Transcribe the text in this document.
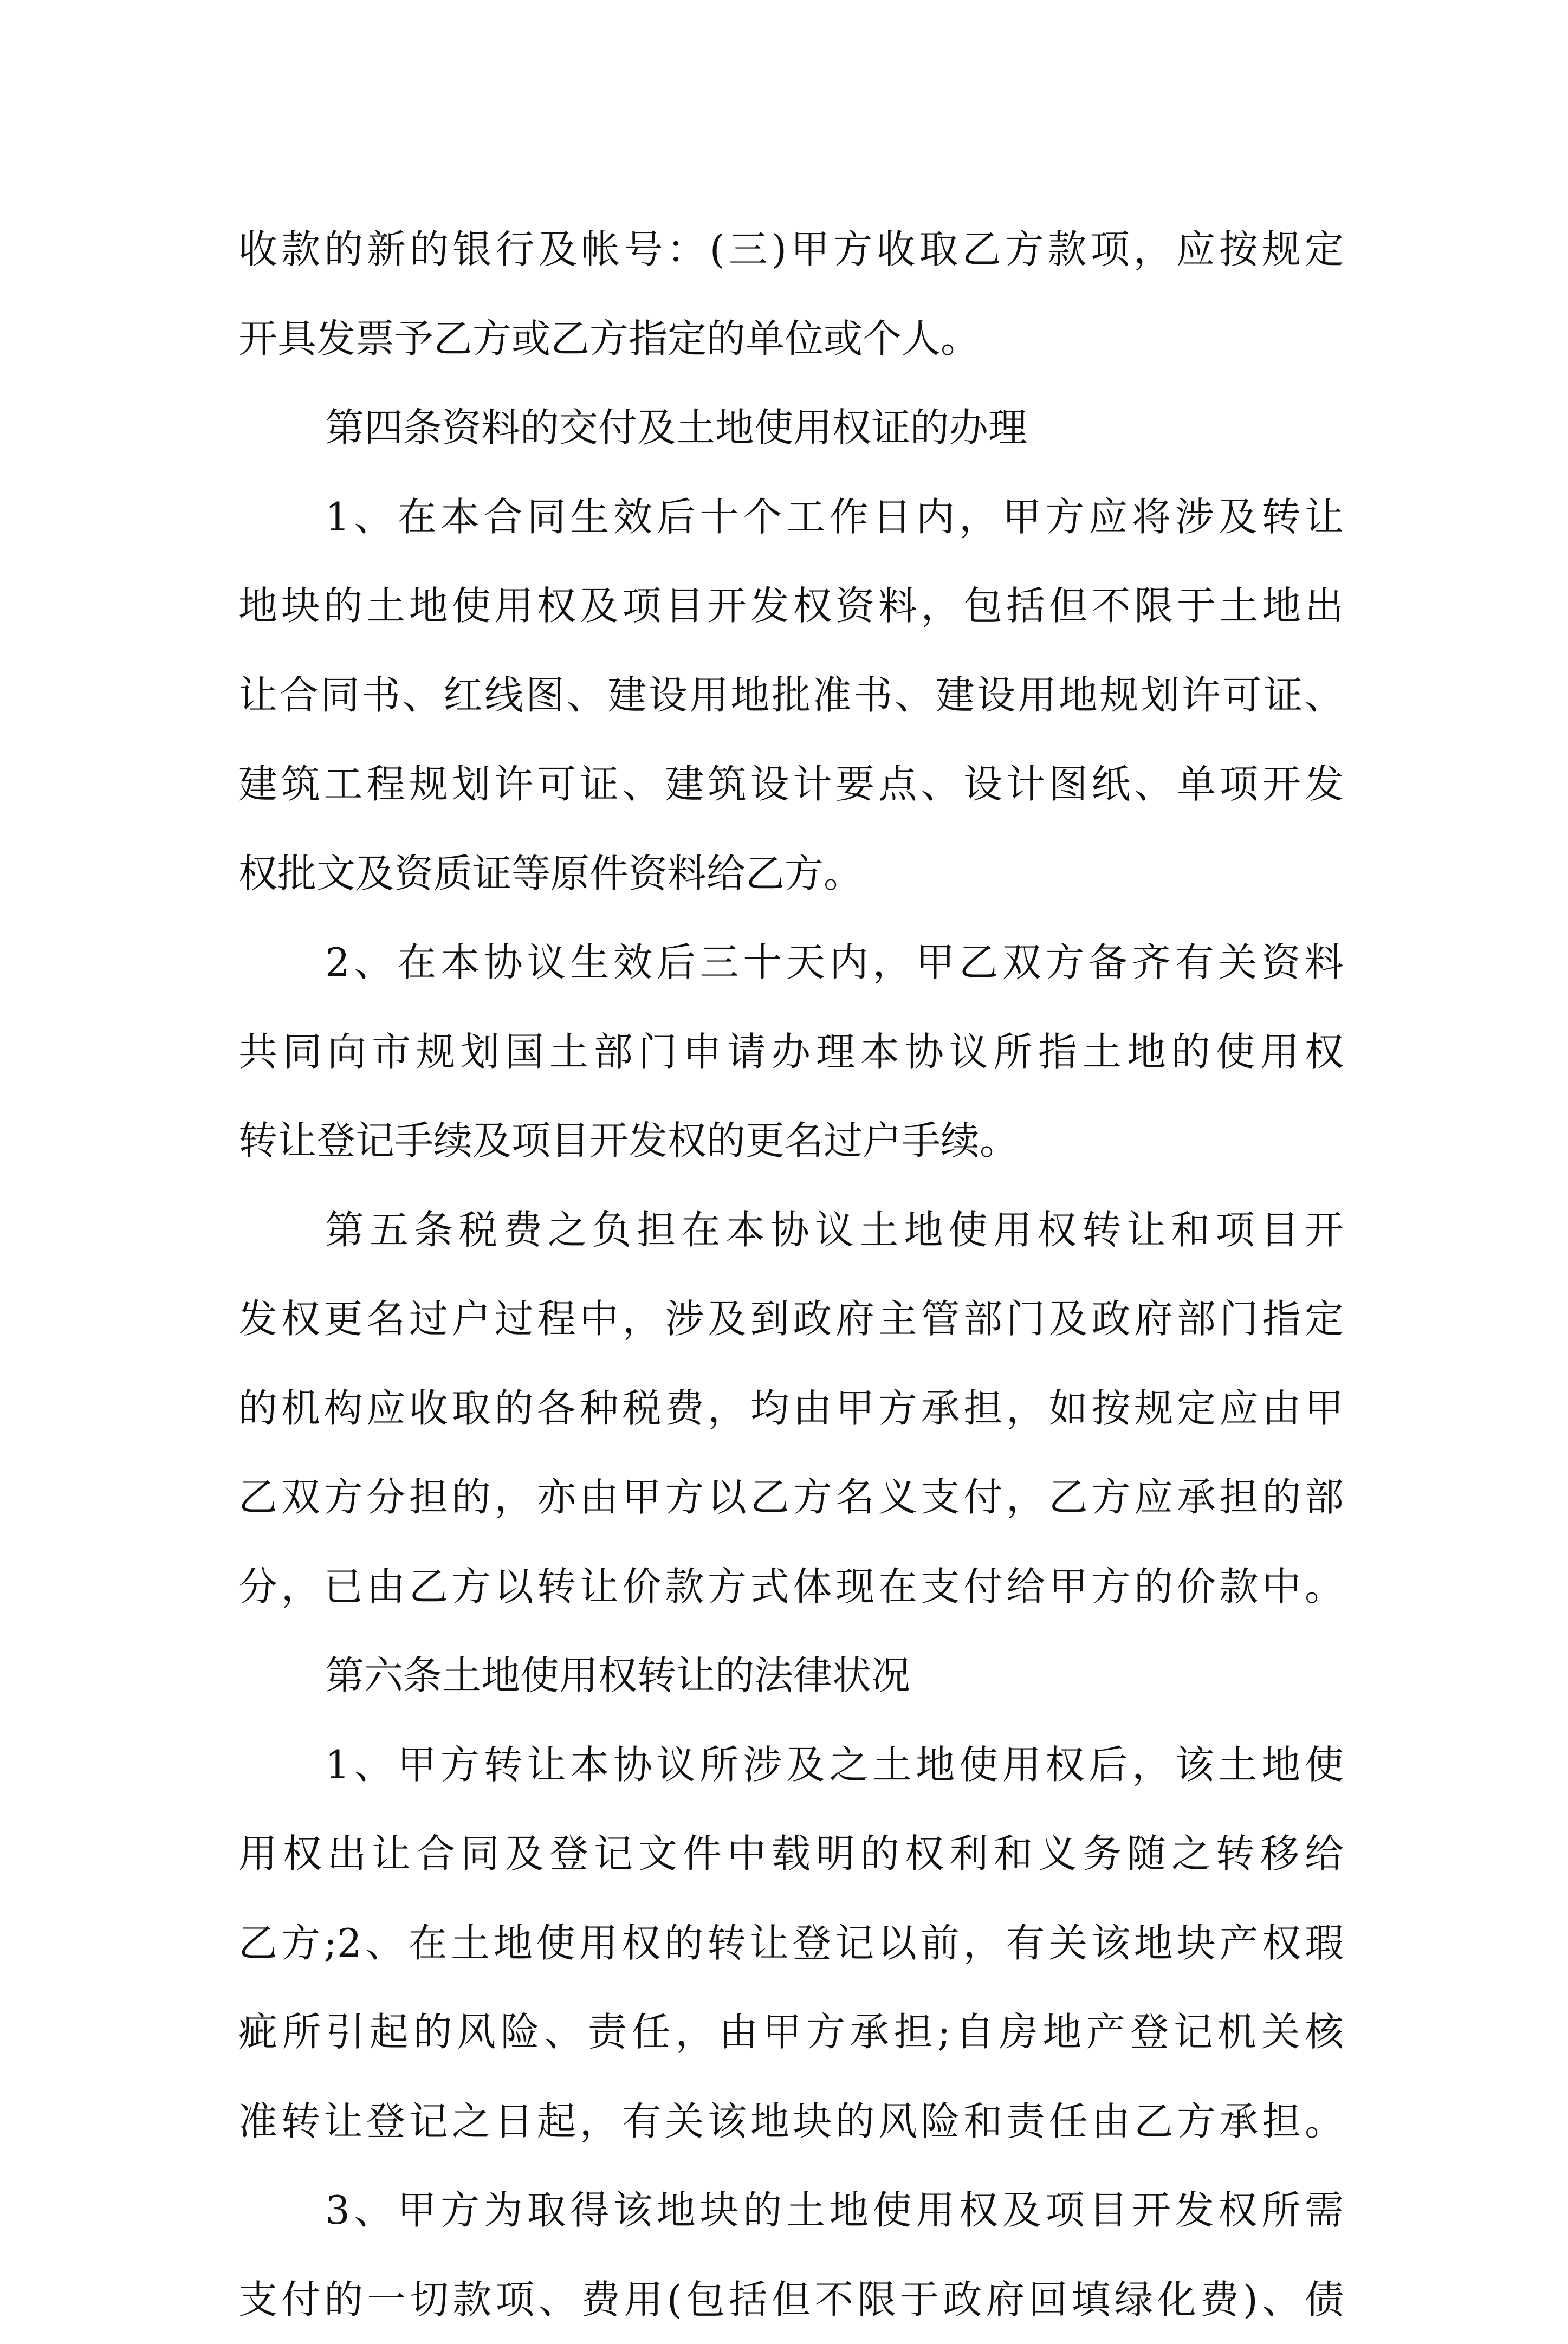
收款的新的银行及帐号：(三)甲方收取乙方款项，应按规定
开具发票予乙方或乙方指定的单位或个人。
第四条资料的交付及土地使用权证的办理
1、在本合同生效后十个工作日内，甲方应将涉及转让
地块的土地使用权及项目开发权资料，包括但不限于土地出
让合同书、红线图、建设用地批准书、建设用地规划许可证、
建筑工程规划许可证、建筑设计要点、设计图纸、单项开发
权批文及资质证等原件资料给乙方。
2、在本协议生效后三十天内，甲乙双方备齐有关资料
共同向市规划国土部门申请办理本协议所指土地的使用权
转让登记手续及项目开发权的更名过户手续。
第五条税费之负担在本协议土地使用权转让和项目开
发权更名过户过程中，涉及到政府主管部门及政府部门指定
的机构应收取的各种税费，均由甲方承担，如按规定应由甲
乙双方分担的，亦由甲方以乙方名义支付，乙方应承担的部
分，已由乙方以转让价款方式体现在支付给甲方的价款中。
第六条土地使用权转让的法律状况
1、甲方转让本协议所涉及之土地使用权后，该土地使
用权出让合同及登记文件中载明的权利和义务随之转移给
乙方;2、在土地使用权的转让登记以前，有关该地块产权瑕
疵所引起的风险、责任，由甲方承担;自房地产登记机关核
准转让登记之日起，有关该地块的风险和责任由乙方承担。
3、甲方为取得该地块的土地使用权及项目开发权所需
支付的一切款项、费用(包括但不限于政府回填绿化费)、债
